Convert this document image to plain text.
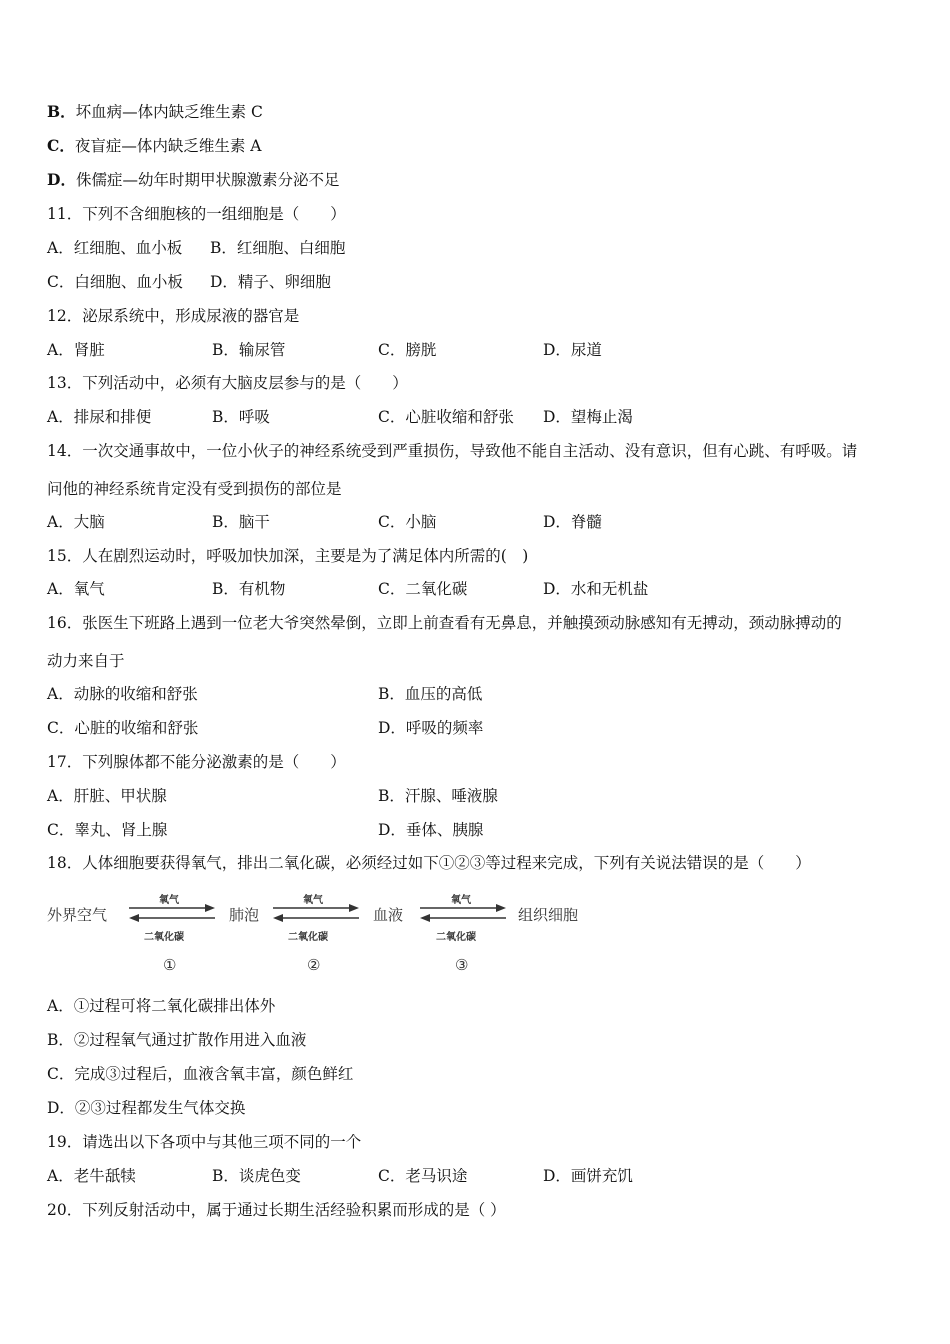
B．坏血病—体内缺乏维生素 C
C．夜盲症—体内缺乏维生素 A
D．侏儒症—幼年时期甲状腺激素分泌不足
11．下列不含细胞核的一组细胞是（　　）
A．红细胞、血小板 B．红细胞、白细胞
C．白细胞、血小板 D．精子、卵细胞
12．泌尿系统中，形成尿液的器官是
A．肾脏	B．输尿管	C．膀胱	D．尿道
13．下列活动中，必须有大脑皮层参与的是（　　）
A．排尿和排便	B．呼吸	C．心脏收缩和舒张 D．望梅止渴
14．一次交通事故中，一位小伙子的神经系统受到严重损伤，导致他不能自主活动、没有意识，但有心跳、有呼吸。请
问他的神经系统肯定没有受到损伤的部位是
A．大脑	B．脑干	C．小脑	D．脊髓
15．人在剧烈运动时，呼吸加快加深，主要是为了满足体内所需的(　)
A．氧气	B．有机物	C．二氧化碳	D．水和无机盐
16．张医生下班路上遇到一位老大爷突然晕倒，立即上前查看有无鼻息，并触摸颈动脉感知有无搏动，颈动脉搏动的
动力来自于
A．动脉的收缩和舒张	B．血压的高低
C．心脏的收缩和舒张	D．呼吸的频率
17．下列腺体都不能分泌激素的是（　　）
A．肝脏、甲状腺	B．汗腺、唾液腺
C．睾丸、肾上腺	D．垂体、胰腺
18．人体细胞要获得氧气，排出二氧化碳，必须经过如下①②③等过程来完成，下列有关说法错误的是（　　）
外界空气	肺泡	血液	组织细胞
氧气
二氧化碳
①
氧气
二氧化碳
②
氧气
二氧化碳
③
A．①过程可将二氧化碳排出体外
B．②过程氧气通过扩散作用进入血液
C．完成③过程后，血液含氧丰富，颜色鲜红
D．②③过程都发生气体交换
19．请选出以下各项中与其他三项不同的一个
A．老牛舐犊	B．谈虎色变	C．老马识途	D．画饼充饥
20．下列反射活动中，属于通过长期生活经验积累而形成的是（ ）
